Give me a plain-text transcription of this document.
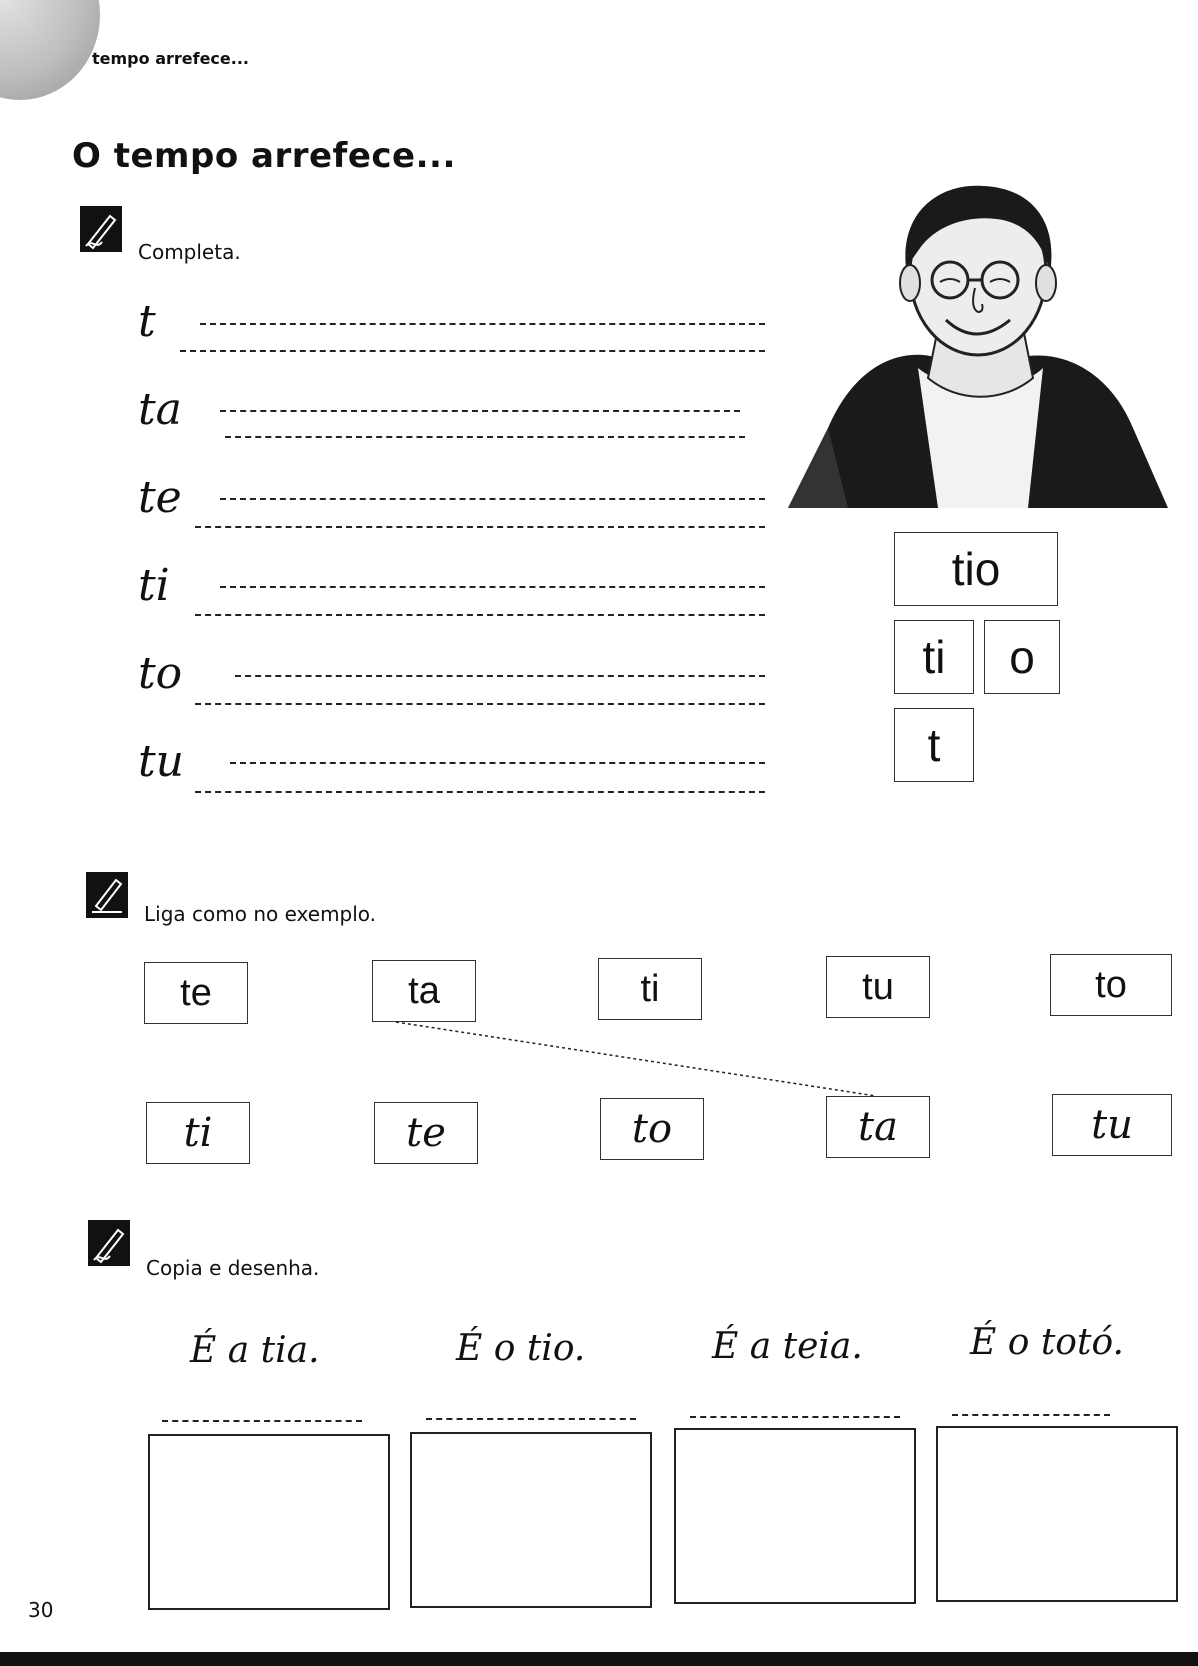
tempo arrefece...
O tempo arrefece...
Completa.
t
ta
te
ti
to
tu
tio
ti o
t
Liga como no exemplo.
te	ta	ti	tu	to
ti	te	to	ta	tu
Copia e desenha.
É a tia.	É o tio.	É a teia.	É o totó.
30
